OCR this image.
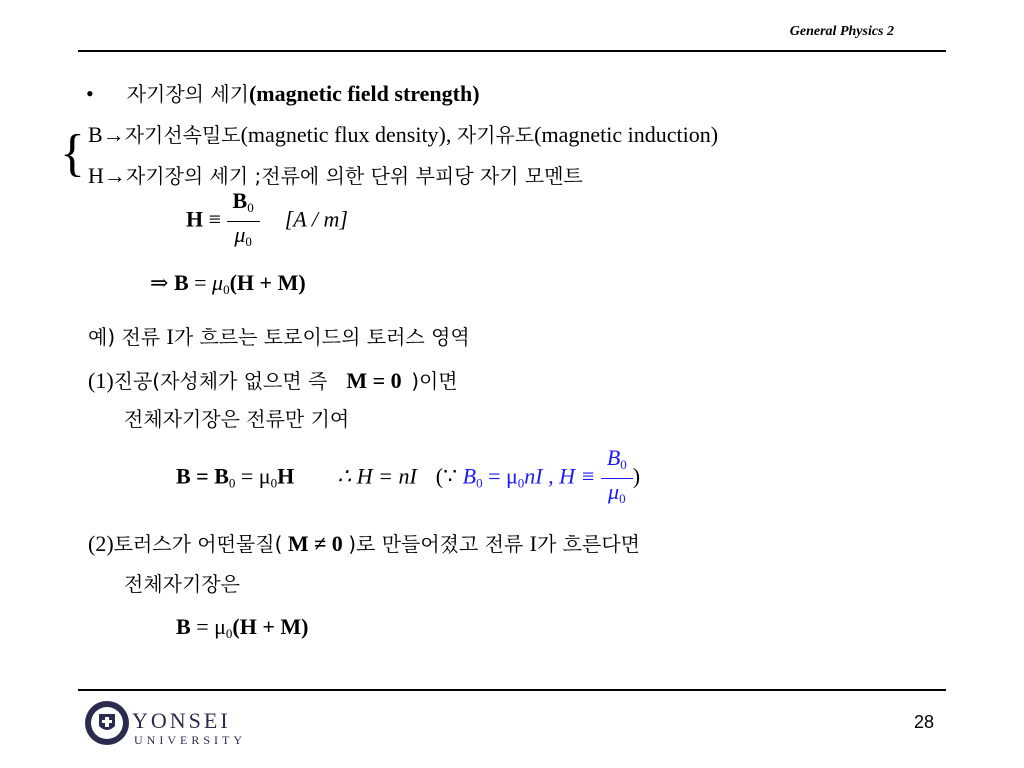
General Physics 2
• 자기장의 세기(magnetic field strength)
{ B→자기선속밀도(magnetic flux density), 자기유도(magnetic induction)
H→자기장의 세기 ;전류에 의한 단위 부피당 자기 모멘트
$H \equiv \frac{B_0}{\mu_0} [A / m]$
⇒ $B = \mu_0(H + M)$
예) 전류 I가 흐르는 토로이드의 토러스 영역
(1)진공(자성체가 없으면 즉 M = 0 )이면
전체자기장은 전류만 기여
$B = B_0 = \mu_0H$ ∴ H = nI (∵ $B_0 = \mu_0nI$ , $H \equiv \frac{B_0}{\mu_0}$ )
(2)토러스가 어떤물질( M ≠ 0 )로 만들어졌고 전류 I가 흐른다면
전체자기장은
$B = \mu_0(H + M)$
YONSEI
UNIVERSITY
28
